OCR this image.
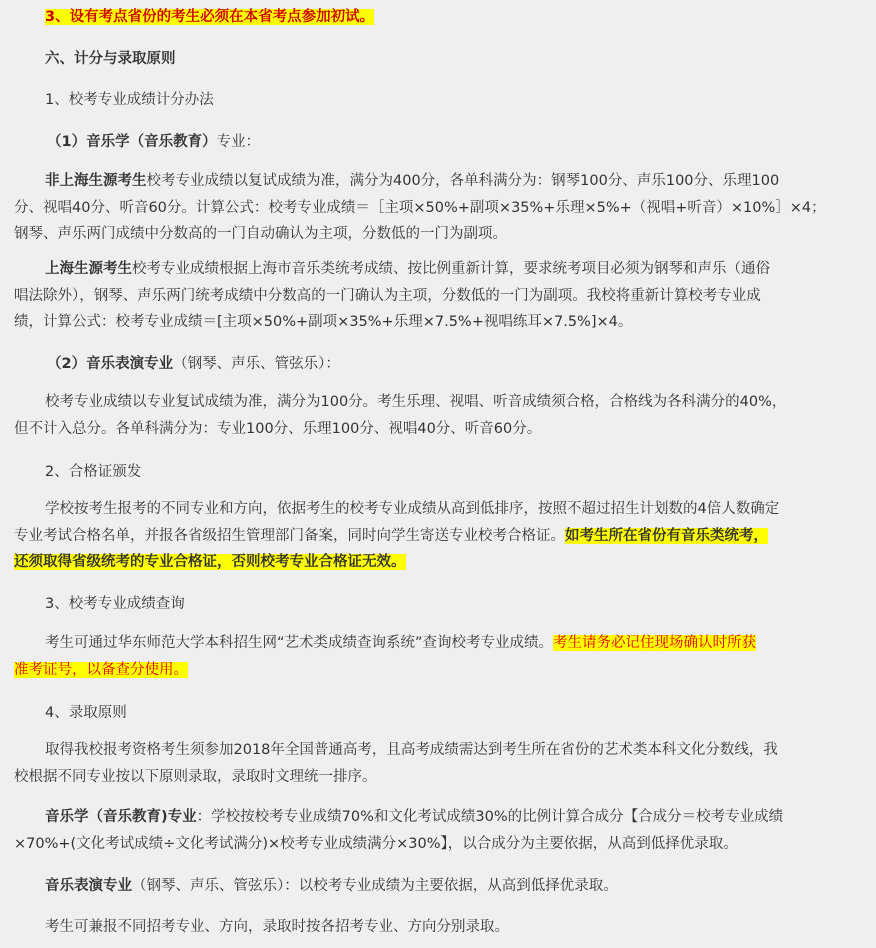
3、设有考点省份的考生必须在本省考点参加初试。
六、计分与录取原则
1、校考专业成绩计分办法
（1）音乐学（音乐教育）专业：
非上海生源考生校考专业成绩以复试成绩为准，满分为400分，各单科满分为：钢琴100分、声乐100分、乐理100
分、视唱40分、听音60分。计算公式：校考专业成绩＝［主项×50%+副项×35%+乐理×5%+（视唱+听音）×10%］×4；
钢琴、声乐两门成绩中分数高的一门自动确认为主项，分数低的一门为副项。
上海生源考生校考专业成绩根据上海市音乐类统考成绩、按比例重新计算，要求统考项目必须为钢琴和声乐（通俗
唱法除外），钢琴、声乐两门统考成绩中分数高的一门确认为主项，分数低的一门为副项。我校将重新计算校考专业成
绩，计算公式：校考专业成绩＝[主项×50%+副项×35%+乐理×7.5%+视唱练耳×7.5%]×4。
（2）音乐表演专业（钢琴、声乐、管弦乐）：
校考专业成绩以专业复试成绩为准，满分为100分。考生乐理、视唱、听音成绩须合格，合格线为各科满分的40%，
但不计入总分。各单科满分为：专业100分、乐理100分、视唱40分、听音60分。
2、合格证颁发
学校按考生报考的不同专业和方向，依据考生的校考专业成绩从高到低排序，按照不超过招生计划数的4倍人数确定
专业考试合格名单，并报各省级招生管理部门备案，同时向学生寄送专业校考合格证。如考生所在省份有音乐类统考，
还须取得省级统考的专业合格证，否则校考专业合格证无效。
3、校考专业成绩查询
考生可通过华东师范大学本科招生网“艺术类成绩查询系统”查询校考专业成绩。考生请务必记住现场确认时所获
准考证号，以备查分使用。
4、录取原则
取得我校报考资格考生须参加2018年全国普通高考，且高考成绩需达到考生所在省份的艺术类本科文化分数线，我
校根据不同专业按以下原则录取，录取时文理统一排序。
音乐学（音乐教育)专业：学校按校考专业成绩70%和文化考试成绩30%的比例计算合成分【合成分＝校考专业成绩
×70%+(文化考试成绩÷文化考试满分)×校考专业成绩满分×30%】，以合成分为主要依据，从高到低择优录取。
音乐表演专业（钢琴、声乐、管弦乐）：以校考专业成绩为主要依据，从高到低择优录取。
考生可兼报不同招考专业、方向，录取时按各招考专业、方向分别录取。
